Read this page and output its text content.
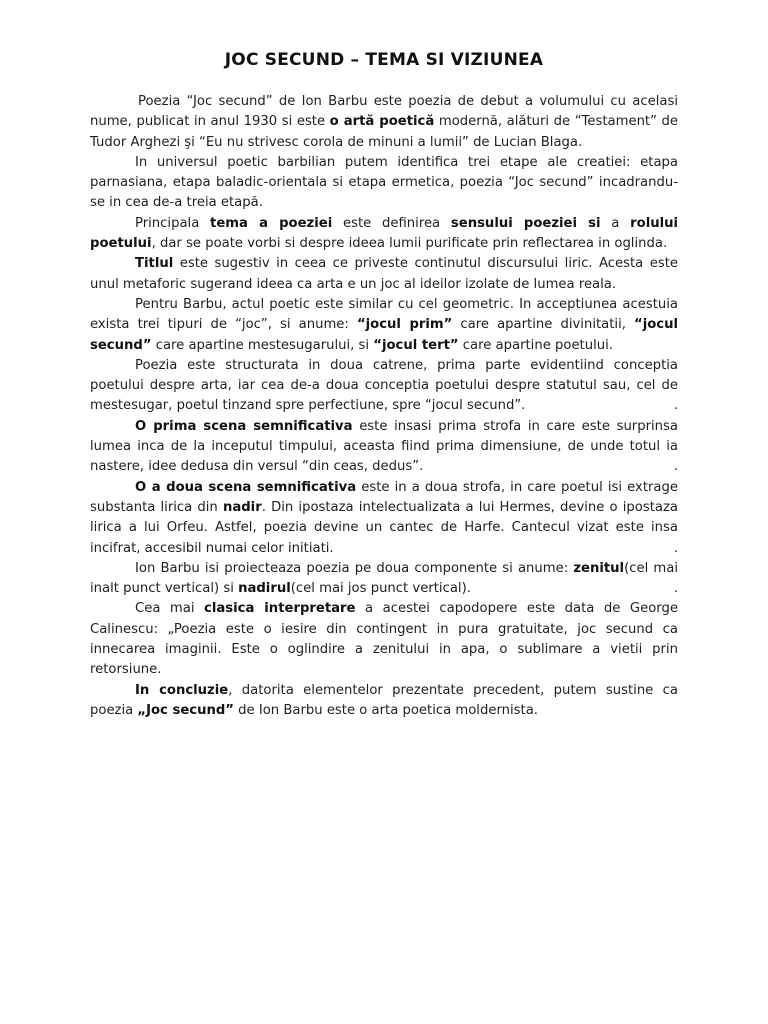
JOC SECUND – TEMA SI VIZIUNEA

Poezia “Joc secund” de Ion Barbu este poezia de debut a volumului cu acelasi nume, publicat in anul 1930 si este o artă poetică modernă, alături de “Testament” de Tudor Arghezi şi “Eu nu strivesc corola de minuni a lumii” de Lucian Blaga.

In universul poetic barbilian putem identifica trei etape ale creatiei: etapa parnasiana, etapa baladic-orientala si etapa ermetica, poezia “Joc secund” incadrandu-se in cea de-a treia etapă.

Principala tema a poeziei este definirea sensului poeziei si a rolului poetului, dar se poate vorbi si despre ideea lumii purificate prin reflectarea in oglinda.

Titlul este sugestiv in ceea ce priveste continutul discursului liric. Acesta este unul metaforic sugerand ideea ca arta e un joc al ideilor izolate de lumea reala.

Pentru Barbu, actul poetic este similar cu cel geometric. In acceptiunea acestuia exista trei tipuri de “joc”, si anume: “jocul prim” care apartine divinitatii, “jocul secund” care apartine mestesugarului, si “jocul tert” care apartine poetului.

Poezia este structurata in doua catrene, prima parte evidentiind conceptia poetului despre arta, iar cea de-a doua conceptia poetului despre statutul sau, cel de mestesugar, poetul tinzand spre perfectiune, spre “jocul secund”.	.

O prima scena semnificativa este insasi prima strofa in care este surprinsa lumea inca de la inceputul timpului, aceasta fiind prima dimensiune, de unde totul ia nastere, idee dedusa din versul “din ceas, dedus”.	.

O a doua scena semnificativa este in a doua strofa, in care poetul isi extrage substanta lirica din nadir. Din ipostaza intelectualizata a lui Hermes, devine o ipostaza lirica a lui Orfeu. Astfel, poezia devine un cantec de Harfe. Cantecul vizat este insa incifrat, accesibil numai celor initiati.	.

Ion Barbu isi proiecteaza poezia pe doua componente si anume: zenitul(cel mai inalt punct vertical) si nadirul(cel mai jos punct vertical).	.

Cea mai clasica interpretare a acestei capodopere este data de George Calinescu: „Poezia este o iesire din contingent in pura gratuitate, joc secund ca innecarea imaginii. Este o oglindire a zenitului in apa, o sublimare a vietii prin retorsiune.

In concluzie, datorita elementelor prezentate precedent, putem sustine ca poezia „Joc secund” de Ion Barbu este o arta poetica moldernista.
